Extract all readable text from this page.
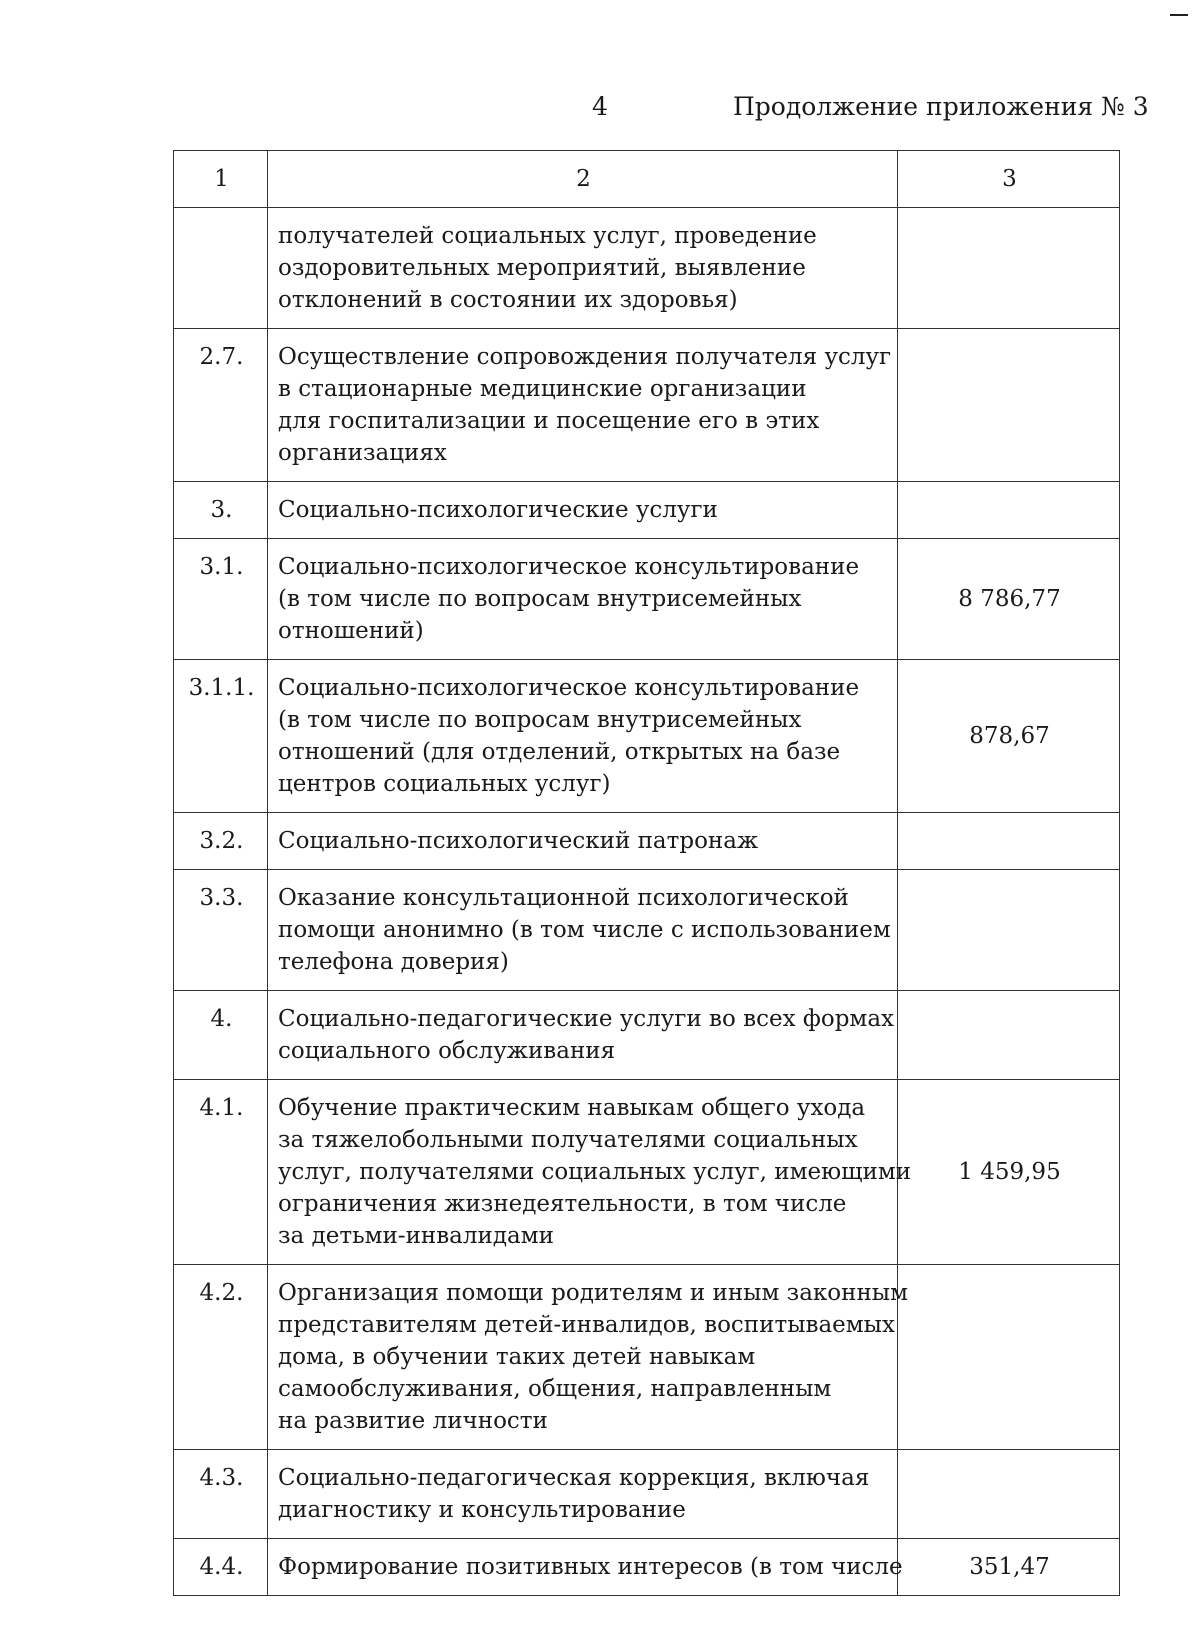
4	Продолжение приложения № 3
1	2	3

	получателей социальных услуг, проведение
оздоровительных мероприятий, выявление
отклонений в состоянии их здоровья)	

2.7.	Осуществление сопровождения получателя услуг
в стационарные медицинские организации
для госпитализации и посещение его в этих
организациях	

3.	Социально-психологические услуги	

3.1.	Социально-психологическое консультирование
(в том числе по вопросам внутрисемейных
отношений)	8 786,77
3.1.1.	Социально-психологическое консультирование
(в том числе по вопросам внутрисемейных
отношений (для отделений, открытых на базе
центров социальных услуг)	878,67
3.2.	Социально-психологический патронаж	

3.3.	Оказание консультационной психологической
помощи анонимно (в том числе с использованием
телефона доверия)	

4.	Социально-педагогические услуги во всех формах
социального обслуживания	

4.1.	Обучение практическим навыкам общего ухода
за тяжелобольными получателями социальных
услуг, получателями социальных услуг, имеющими
ограничения жизнедеятельности, в том числе
за детьми-инвалидами	1 459,95
4.2.	Организация помощи родителям и иным законным
представителям детей-инвалидов, воспитываемых
дома, в обучении таких детей навыкам
самообслуживания, общения, направленным
на развитие личности	

4.3.	Социально-педагогическая коррекция, включая
диагностику и консультирование	

4.4.	Формирование позитивных интересов (в том числе	351,47
